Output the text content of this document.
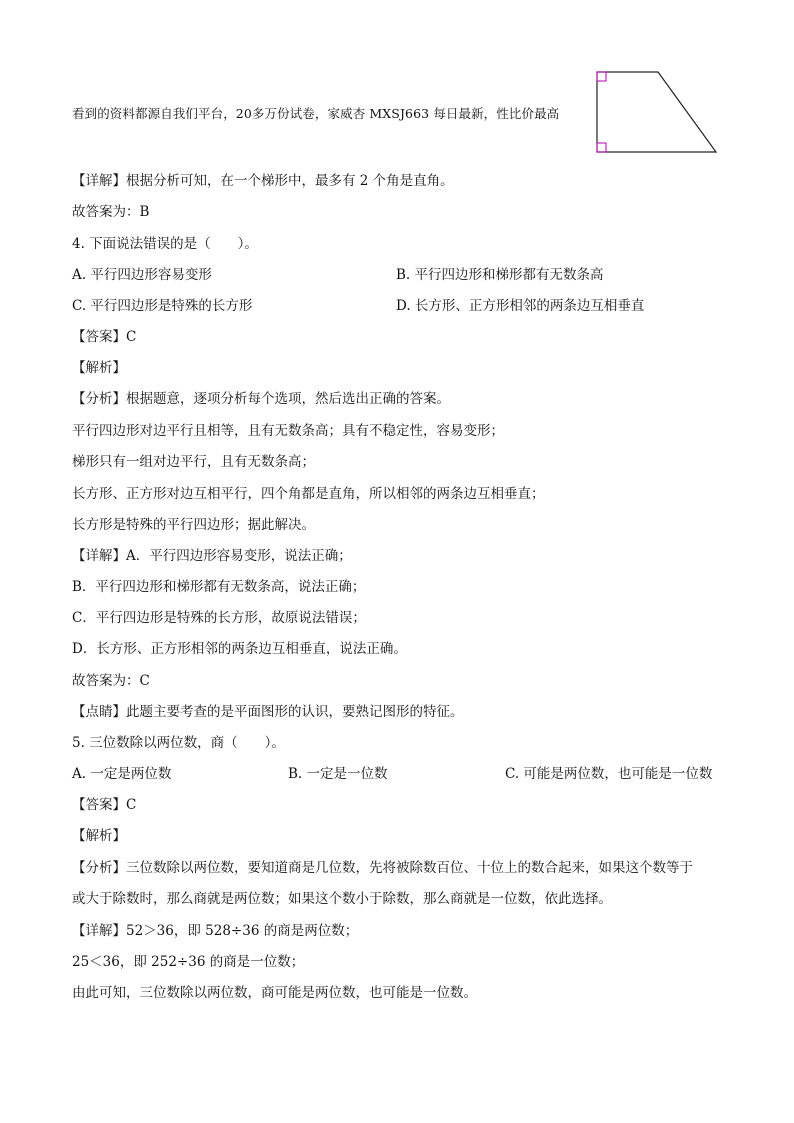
看到的资料都源自我们平台，20多万份试卷，家威杏 MXSJ663 每日最新，性比价最高
【详解】根据分析可知，在一个梯形中，最多有 2 个角是直角。
故答案为：B
4. 下面说法错误的是（　　）。
A. 平行四边形容易变形	B. 平行四边形和梯形都有无数条高
C. 平行四边形是特殊的长方形	D. 长方形、正方形相邻的两条边互相垂直
【答案】C
【解析】
【分析】根据题意，逐项分析每个选项，然后选出正确的答案。
平行四边形对边平行且相等，且有无数条高；具有不稳定性，容易变形；
梯形只有一组对边平行，且有无数条高；
长方形、正方形对边互相平行，四个角都是直角，所以相邻的两条边互相垂直；
长方形是特殊的平行四边形；据此解决。
【详解】A．平行四边形容易变形，说法正确；
B．平行四边形和梯形都有无数条高，说法正确；
C．平行四边形是特殊的长方形，故原说法错误；
D．长方形、正方形相邻的两条边互相垂直，说法正确。
故答案为：C
【点睛】此题主要考查的是平面图形的认识，要熟记图形的特征。
5. 三位数除以两位数，商（　　）。
A. 一定是两位数	B. 一定是一位数	C. 可能是两位数，也可能是一位数
【答案】C
【解析】
【分析】三位数除以两位数，要知道商是几位数，先将被除数百位、十位上的数合起来，如果这个数等于
或大于除数时，那么商就是两位数；如果这个数小于除数，那么商就是一位数，依此选择。
【详解】52＞36，即 528÷36 的商是两位数；
25＜36，即 252÷36 的商是一位数；
由此可知，三位数除以两位数，商可能是两位数，也可能是一位数。
